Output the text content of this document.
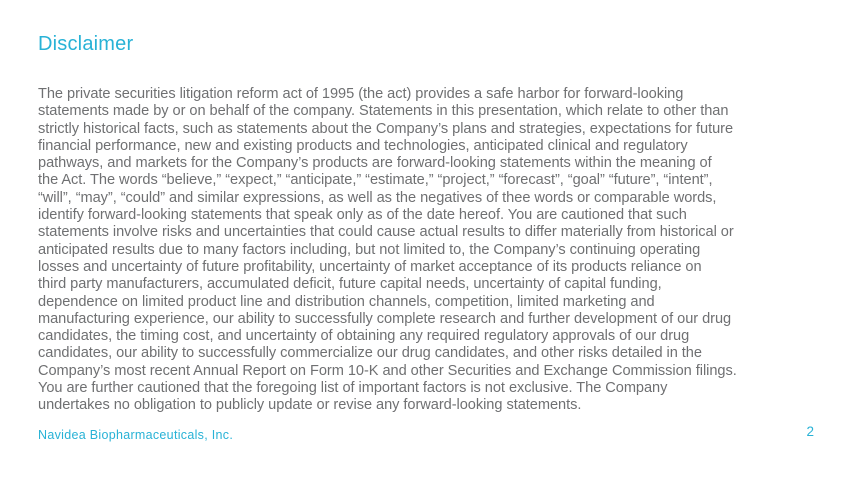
Disclaimer
The private securities litigation reform act of 1995 (the act) provides a safe harbor for forward-looking
statements made by or on behalf of the company. Statements in this presentation, which relate to other than
strictly historical facts, such as statements about the Company’s plans and strategies, expectations for future
financial performance, new and existing products and technologies, anticipated clinical and regulatory
pathways, and markets for the Company’s products are forward-looking statements within the meaning of
the Act. The words “believe,” “expect,” “anticipate,” “estimate,” “project,” “forecast”, “goal” “future”, “intent”,
“will”, “may”, “could” and similar expressions, as well as the negatives of thee words or comparable words,
identify forward-looking statements that speak only as of the date hereof. You are cautioned that such
statements involve risks and uncertainties that could cause actual results to differ materially from historical or
anticipated results due to many factors including, but not limited to, the Company’s continuing operating
losses and uncertainty of future profitability, uncertainty of market acceptance of its products reliance on
third party manufacturers, accumulated deficit, future capital needs, uncertainty of capital funding,
dependence on limited product line and distribution channels, competition, limited marketing and
manufacturing experience, our ability to successfully complete research and further development of our drug
candidates, the timing cost, and uncertainty of obtaining any required regulatory approvals of our drug
candidates, our ability to successfully commercialize our drug candidates, and other risks detailed in the
Company’s most recent Annual Report on Form 10-K and other Securities and Exchange Commission filings.
You are further cautioned that the foregoing list of important factors is not exclusive. The Company
undertakes no obligation to publicly update or revise any forward-looking statements.
Navidea Biopharmaceuticals, Inc.	2
